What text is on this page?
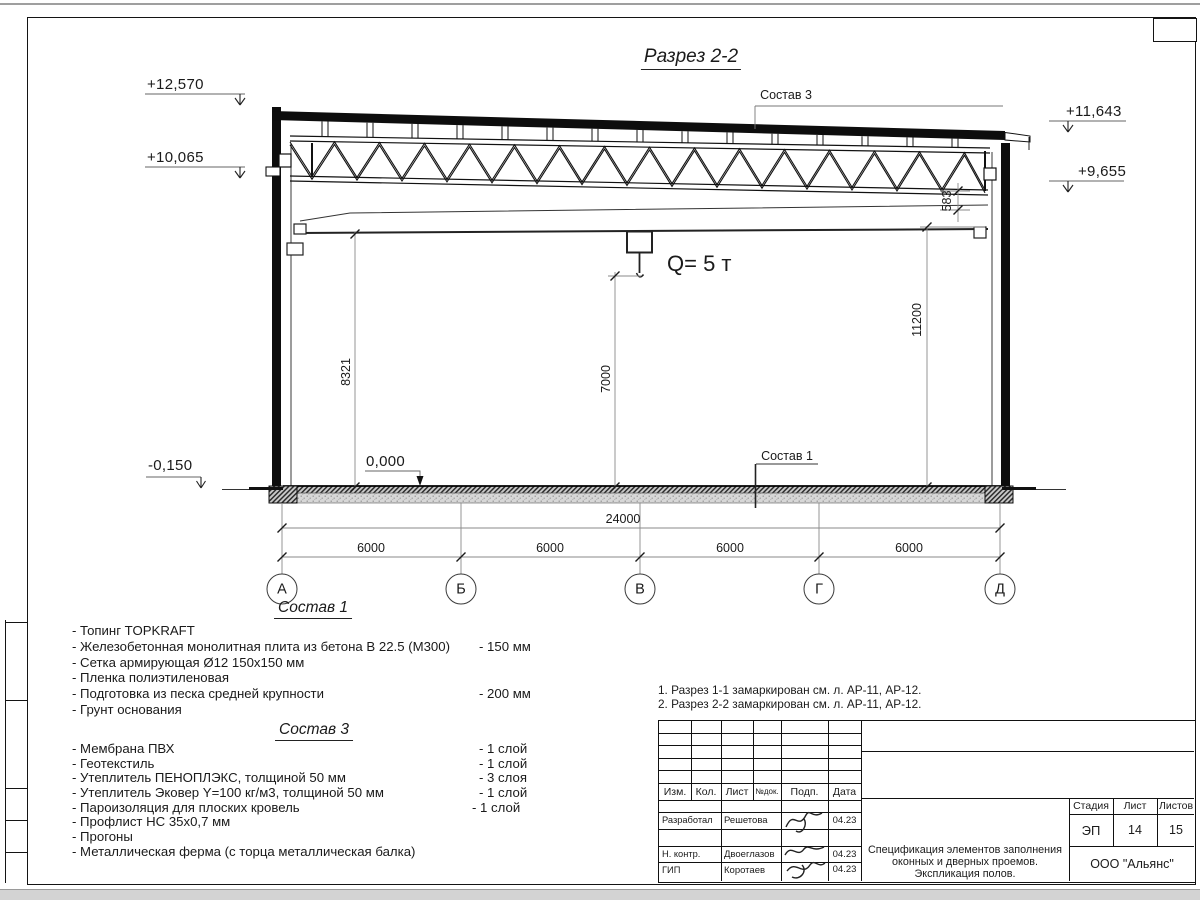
Разрез 2-2
Состав 3
Состав 1
+12,570
+10,065
+11,643
+9,655
-0,150	0,000
Q= 5 т
583
8321	7000
11200
24000
6000	6000	6000	6000
А	Б	В	Г	Д
Состав 1
- Топинг TOPKRAFT
- Железобетонная монолитная плита из бетона В 22.5 (М300) - 150 мм
- Сетка армирующая Ø12 150х150 мм
- Пленка полиэтиленовая
- Подготовка из песка средней крупности	- 200 мм
- Грунт основания
Состав 3
- Мембрана ПВХ	- 1 слой
- Геотекстиль	- 1 слой
- Утеплитель ПЕНОПЛЭКС, толщиной 50 мм	- 3 слоя
- Утеплитель Эковер Y=100 кг/м3, толщиной 50 мм	- 1 слой
- Пароизоляция для плоских кровель	- 1 слой
- Профлист НС 35х0,7 мм
- Прогоны
- Металлическая ферма (с торца металлическая балка)
1. Разрез 1-1 замаркирован см. л. АР-11, АР-12.
2. Разрез 2-2 замаркирован см. л. АР-11, АР-12.
Изм. Кол. Лист №док.	Подп.	Дата
Разработал Решетова	04.23
Н. контр. Двоеглазов	04.23
ГИП	Коротаев	04.23
Стадия	Лист	Листов
ЭП	14	15
Спецификация элементов заполнения
оконных и дверных проемов.
Экспликация полов.
ООО "Альянс"
